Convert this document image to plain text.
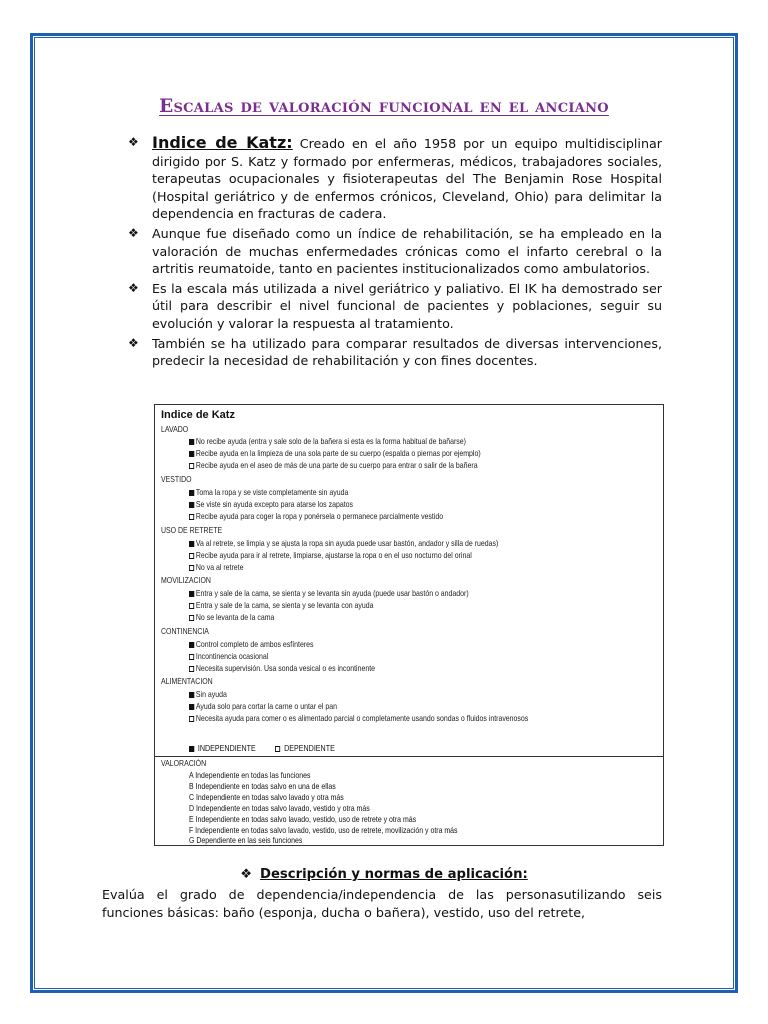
Escalas de valoración funcional en el anciano
❖ Indice de Katz: Creado en el año 1958 por un equipo multidisciplinar dirigido por S. Katz y formado por enfermeras, médicos, trabajadores sociales, terapeutas ocupacionales y fisioterapeutas del The Benjamin Rose Hospital (Hospital geriátrico y de enfermos crónicos, Cleveland, Ohio) para delimitar la dependencia en fracturas de cadera.
❖ Aunque fue diseñado como un índice de rehabilitación, se ha empleado en la valoración de muchas enfermedades crónicas como el infarto cerebral o la artritis reumatoide, tanto en pacientes institucionalizados como ambulatorios.
❖ Es la escala más utilizada a nivel geriátrico y paliativo. El IK ha demostrado ser útil para describir el nivel funcional de pacientes y poblaciones, seguir su evolución y valorar la respuesta al tratamiento.
❖ También se ha utilizado para comparar resultados de diversas intervenciones, predecir la necesidad de rehabilitación y con fines docentes.
Indice de Katz
LAVADO
No recibe ayuda (entra y sale solo de la bañera si esta es la forma habitual de bañarse)
Recibe ayuda en la limpieza de una sola parte de su cuerpo (espalda o piernas por ejemplo)
Recibe ayuda en el aseo de más de una parte de su cuerpo para entrar o salir de la bañera
VESTIDO
Toma la ropa y se viste completamente sin ayuda
Se viste sin ayuda excepto para atarse los zapatos
Recibe ayuda para coger la ropa y ponérsela o permanece parcialmente vestido
USO DE RETRETE
Va al retrete, se limpia y se ajusta la ropa sin ayuda puede usar bastón, andador y silla de ruedas)
Recibe ayuda para ir al retrete, limpiarse, ajustarse la ropa o en el uso nocturno del orinal
No va al retrete
MOVILIZACION
Entra y sale de la cama, se sienta y se levanta sin ayuda (puede usar bastón o andador)
Entra y sale de la cama, se sienta y se levanta con ayuda
No se levanta de la cama
CONTINENCIA
Control completo de ambos esfínteres
Incontinencia ocasional
Necesita supervisión. Usa sonda vesical o es incontinente
ALIMENTACION
Sin ayuda
Ayuda solo para cortar la carne o untar el pan
Necesita ayuda para comer o es alimentado parcial o completamente usando sondas o fluidos intravenosos
INDEPENDIENTE	DEPENDIENTE
VALORACIÓN
A Independiente en todas las funciones
B Independiente en todas salvo en una de ellas
C Independiente en todas salvo lavado y otra más
D Independiente en todas salvo lavado, vestido y otra más
E Independiente en todas salvo lavado, vestido, uso de retrete y otra más
F Independiente en todas salvo lavado, vestido, uso de retrete, movilización y otra más
G Dependiente en las seis funciones
❖ Descripción y normas de aplicación:

Evalúa el grado de dependencia/independencia de las personasutilizando seis funciones básicas: baño (esponja, ducha o bañera), vestido, uso del retrete,
